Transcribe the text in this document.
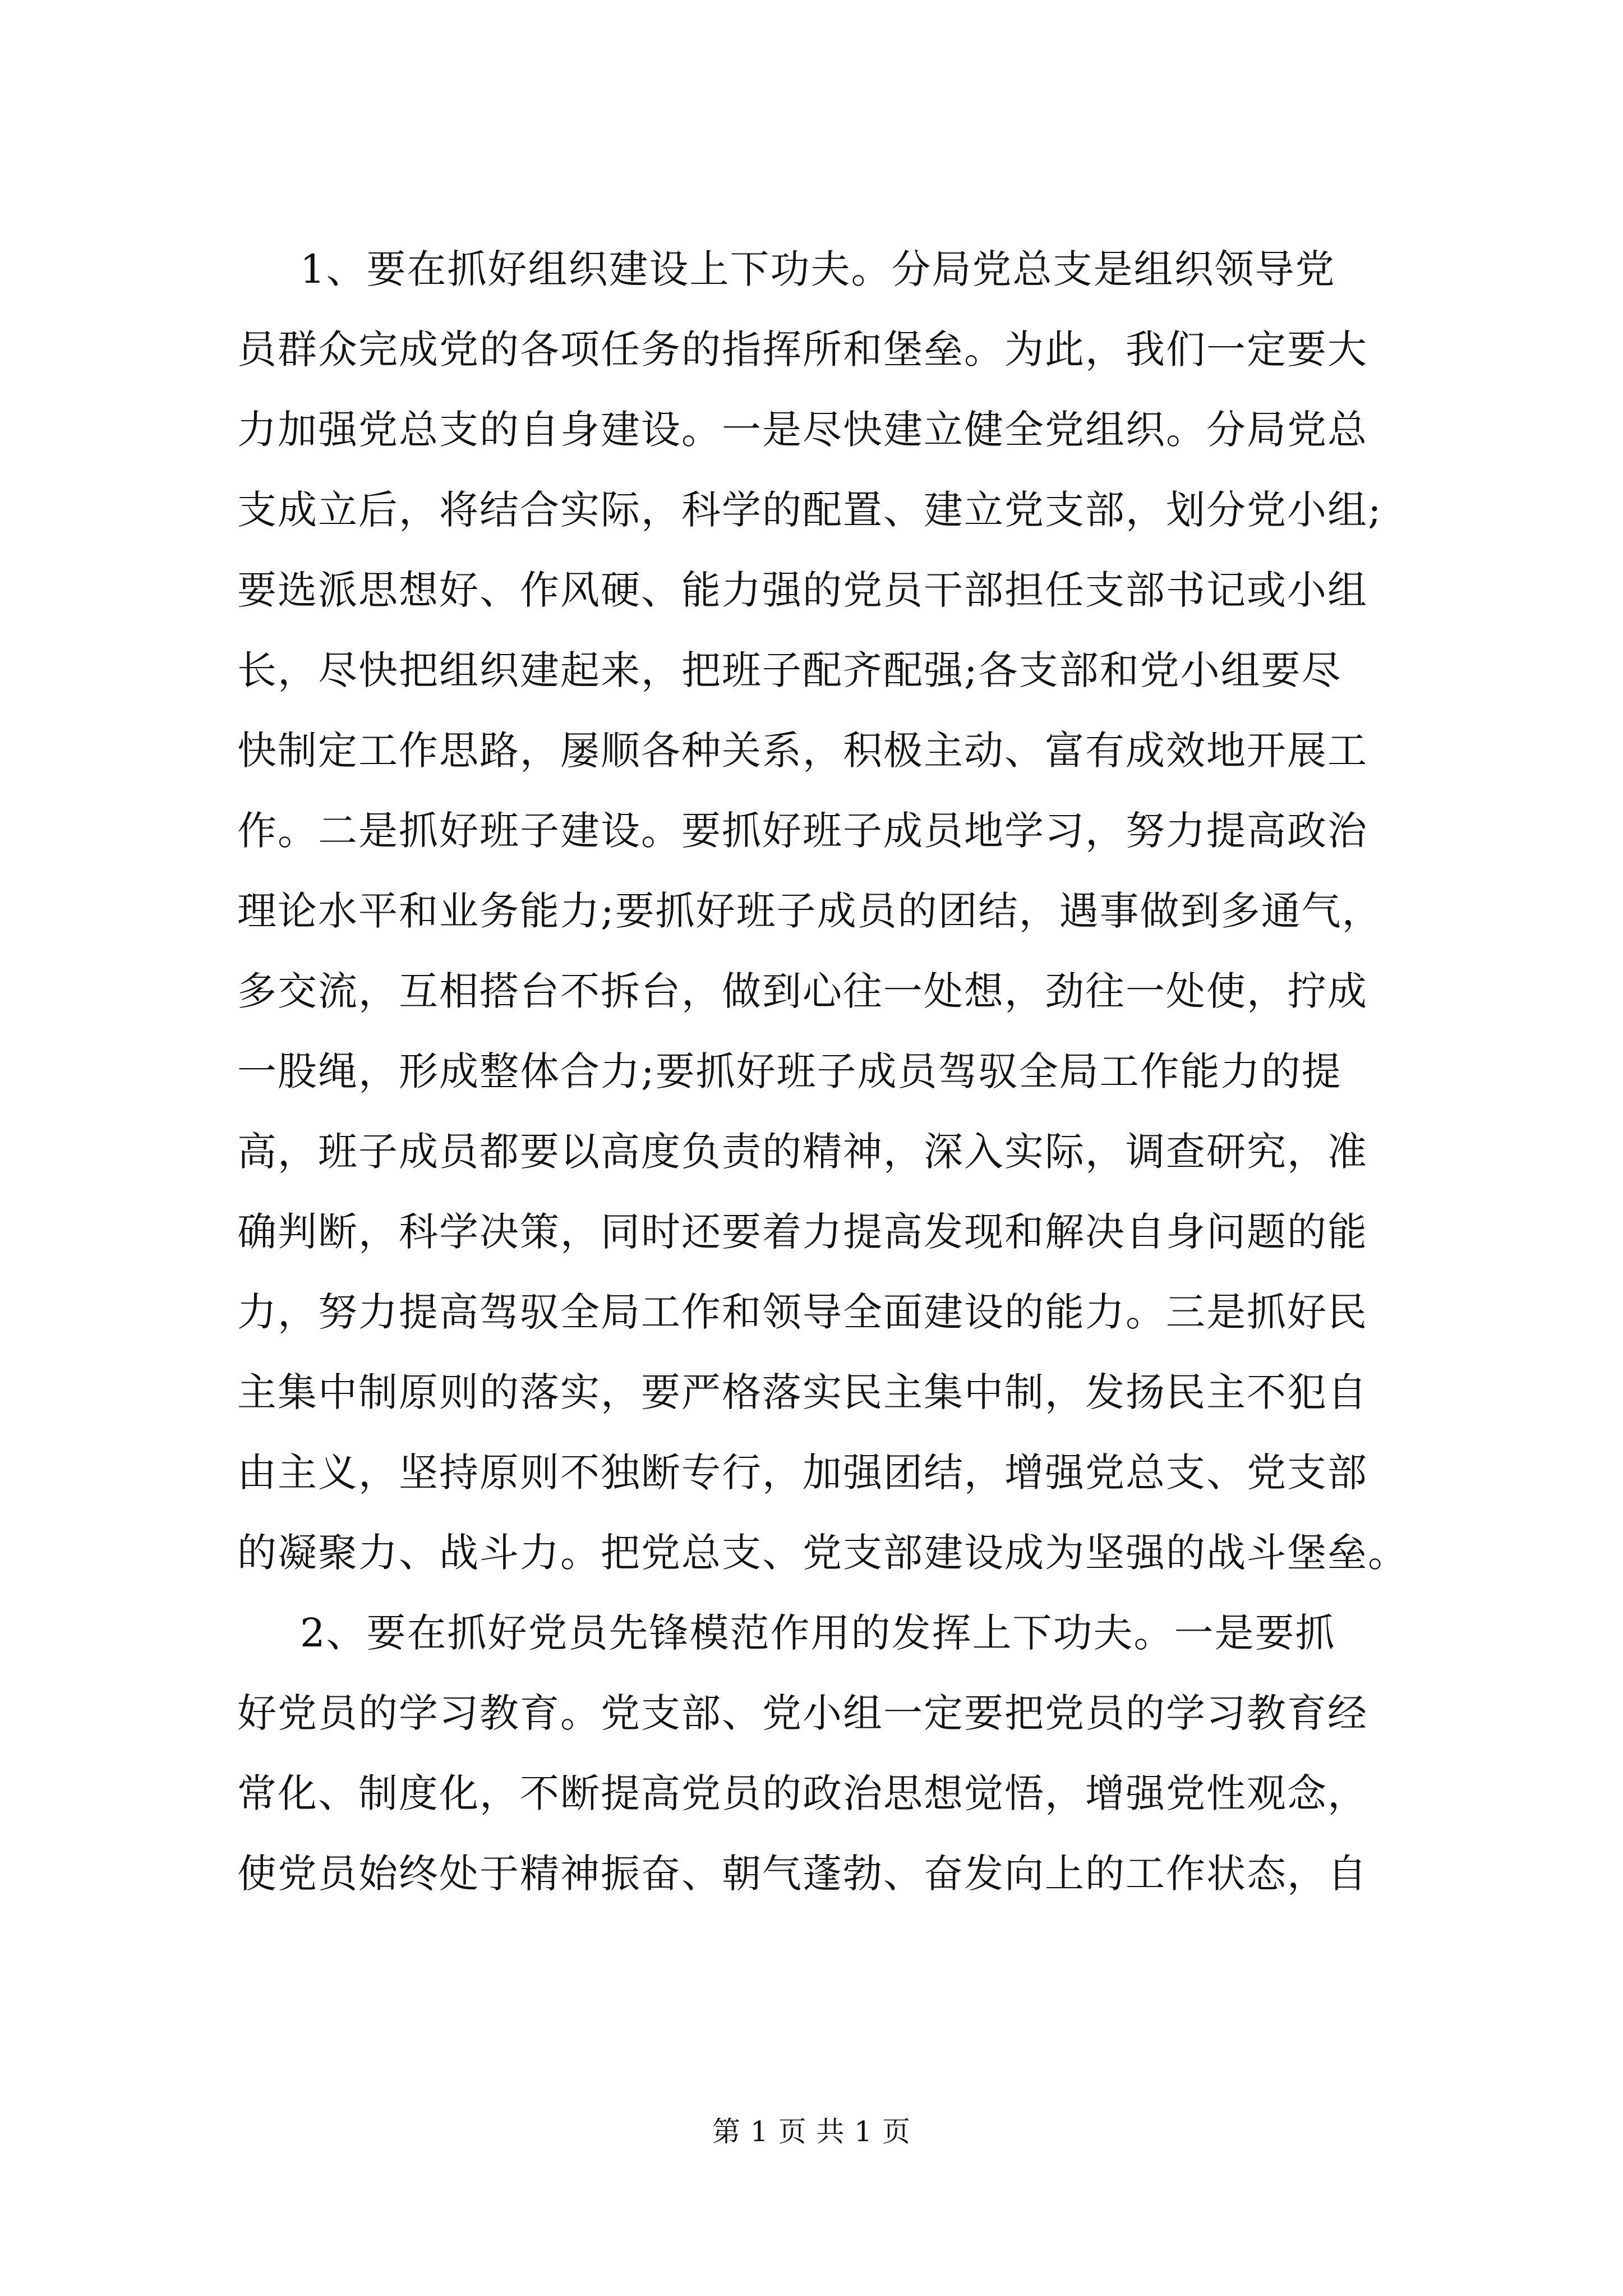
1、要在抓好组织建设上下功夫。分局党总支是组织领导党
员群众完成党的各项任务的指挥所和堡垒。为此，我们一定要大
力加强党总支的自身建设。一是尽快建立健全党组织。分局党总
支成立后，将结合实际，科学的配置、建立党支部，划分党小组;
要选派思想好、作风硬、能力强的党员干部担任支部书记或小组
长，尽快把组织建起来，把班子配齐配强;各支部和党小组要尽
快制定工作思路，屡顺各种关系，积极主动、富有成效地开展工
作。二是抓好班子建设。要抓好班子成员地学习，努力提高政治
理论水平和业务能力;要抓好班子成员的团结，遇事做到多通气，
多交流，互相搭台不拆台，做到心往一处想，劲往一处使，拧成
一股绳，形成整体合力;要抓好班子成员驾驭全局工作能力的提
高，班子成员都要以高度负责的精神，深入实际，调查研究，准
确判断，科学决策，同时还要着力提高发现和解决自身问题的能
力，努力提高驾驭全局工作和领导全面建设的能力。三是抓好民
主集中制原则的落实，要严格落实民主集中制，发扬民主不犯自
由主义，坚持原则不独断专行，加强团结，增强党总支、党支部
的凝聚力、战斗力。把党总支、党支部建设成为坚强的战斗堡垒。
2、要在抓好党员先锋模范作用的发挥上下功夫。一是要抓
好党员的学习教育。党支部、党小组一定要把党员的学习教育经
常化、制度化，不断提高党员的政治思想觉悟，增强党性观念，
使党员始终处于精神振奋、朝气蓬勃、奋发向上的工作状态，自
第 1 页 共 1 页
